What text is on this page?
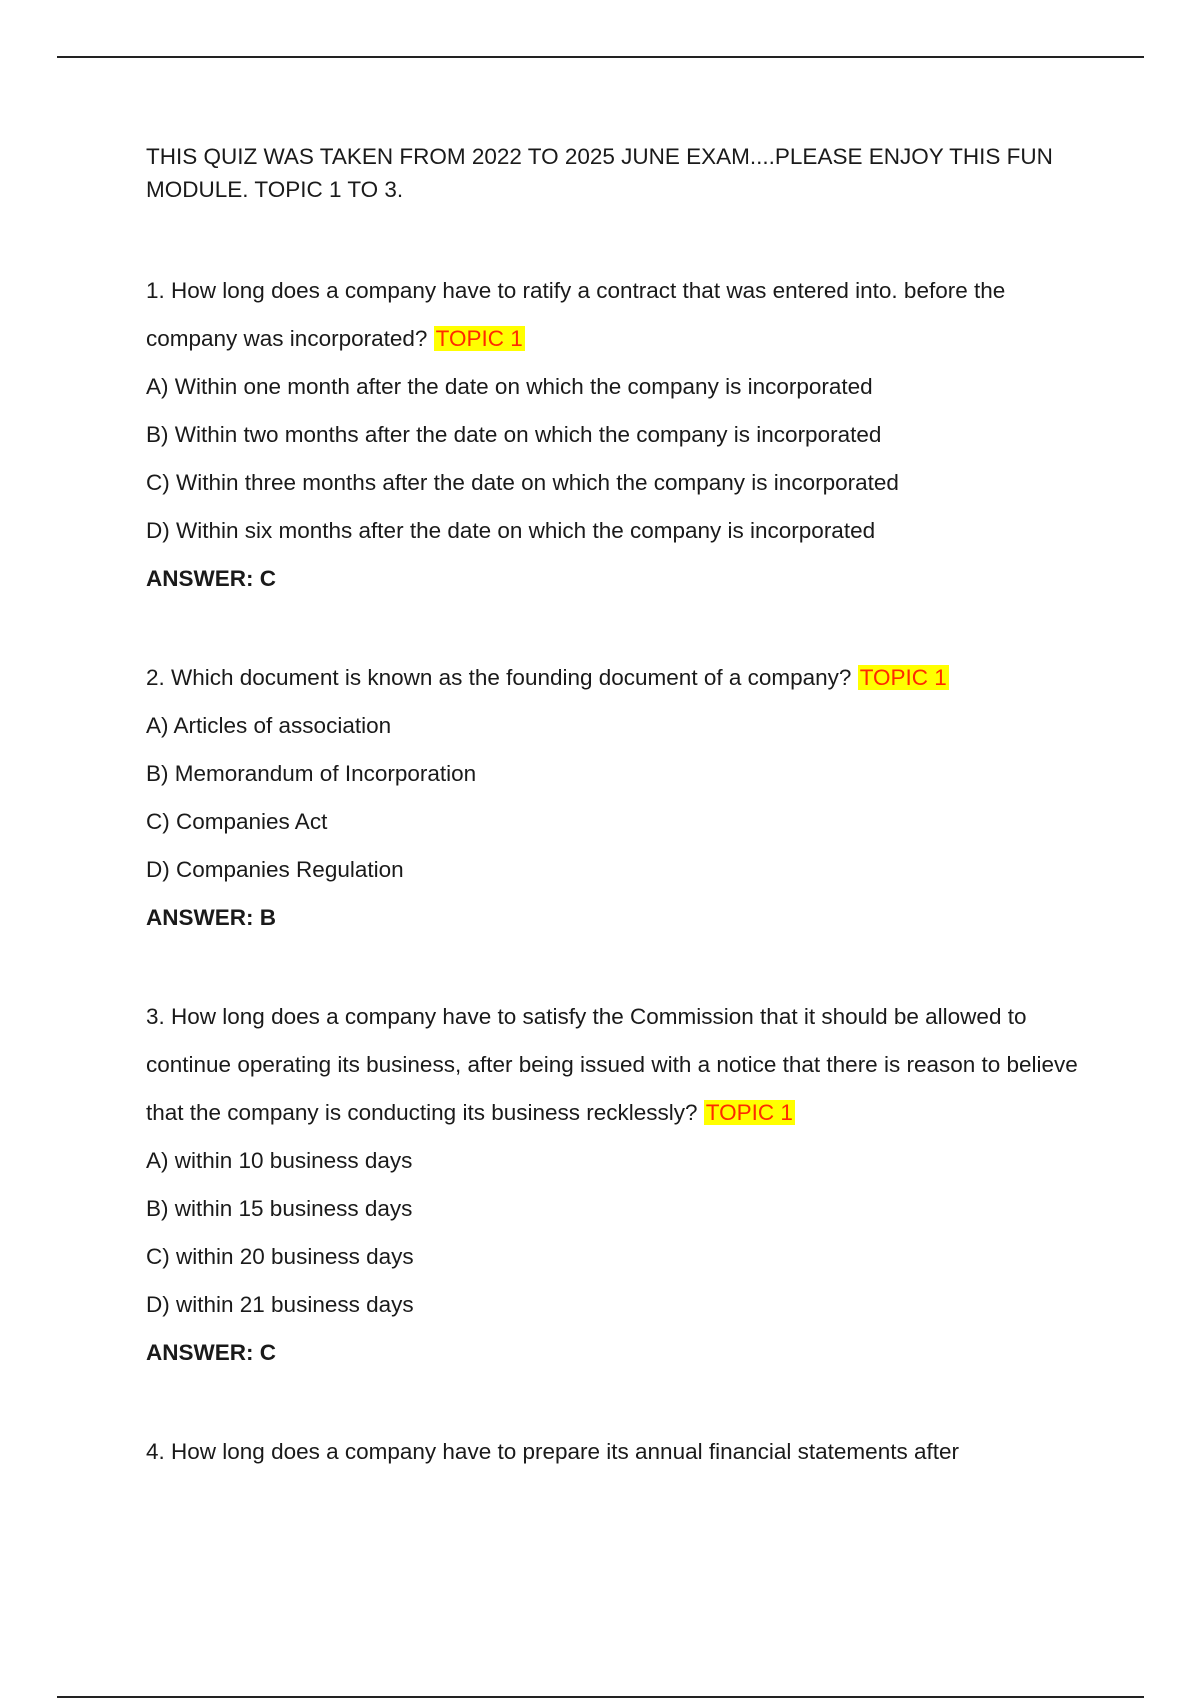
THIS QUIZ WAS TAKEN FROM 2022 TO 2025 JUNE EXAM....PLEASE ENJOY THIS FUN MODULE. TOPIC 1 TO 3.
1. How long does a company have to ratify a contract that was entered into. before the company was incorporated? TOPIC 1
A) Within one month after the date on which the company is incorporated
B) Within two months after the date on which the company is incorporated
C) Within three months after the date on which the company is incorporated
D) Within six months after the date on which the company is incorporated
ANSWER: C
2. Which document is known as the founding document of a company? TOPIC 1
A) Articles of association
B) Memorandum of Incorporation
C) Companies Act
D) Companies Regulation
ANSWER: B
3. How long does a company have to satisfy the Commission that it should be allowed to continue operating its business, after being issued with a notice that there is reason to believe that the company is conducting its business recklessly? TOPIC 1
A) within 10 business days
B) within 15 business days
C) within 20 business days
D) within 21 business days
ANSWER: C
4. How long does a company have to prepare its annual financial statements after
